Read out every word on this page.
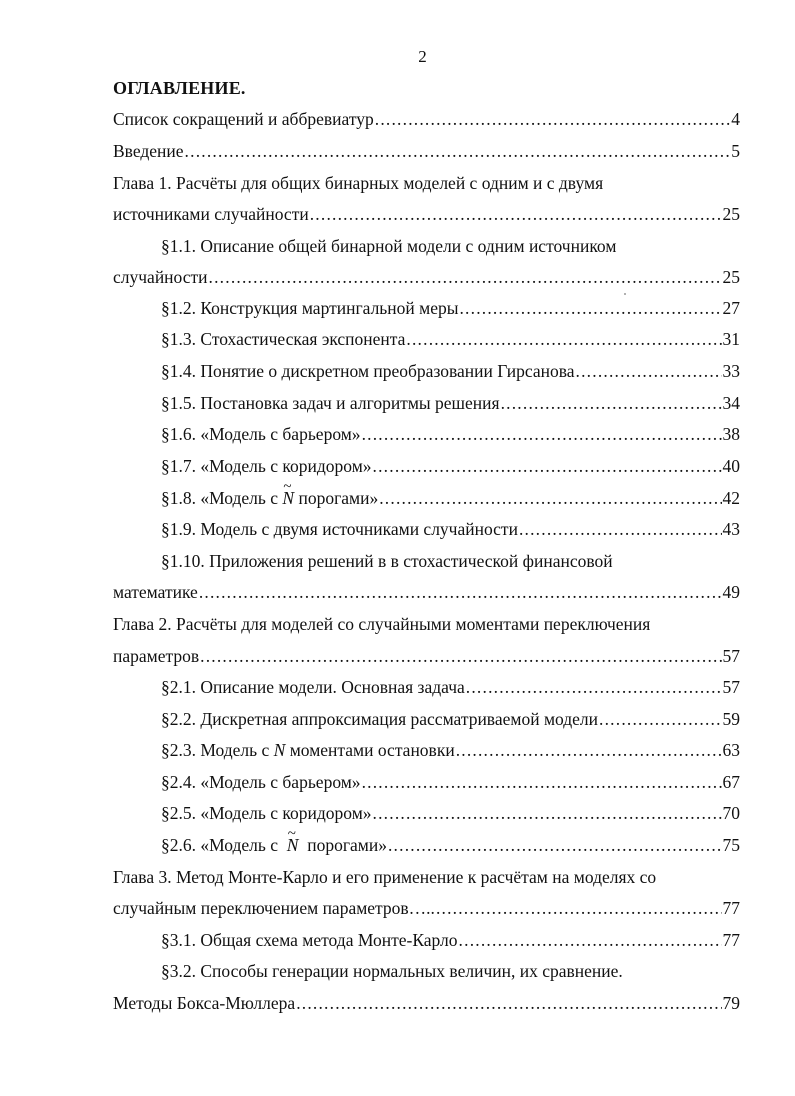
2
ОГЛАВЛЕНИЕ.
Список сокращений и аббревиатур .....	4
Введение .....	5
Глава 1. Расчёты для общих бинарных моделей с одним и с двумя
источниками случайности .....	25
§1.1. Описание общей бинарной модели с одним источником
случайности .....	25
§1.2. Конструкция мартингальной меры .....	27
§1.3. Стохастическая экспонента .....	31
§1.4. Понятие о дискретном преобразовании Гирсанова .....	33
§1.5. Постановка задач и алгоритмы решения .....	34
§1.6. «Модель с барьером» .....	38
§1.7. «Модель с коридором» .....	40
§1.8. «Модель с ~ N порогами» .....	42
§1.9. Модель с двумя источниками случайности .....	43
§1.10. Приложения решений в в стохастической финансовой
математике .....	49
Глава 2. Расчёты для моделей со случайными моментами переключения
параметров .....	57
§2.1. Описание модели. Основная задача .....	57
§2.2. Дискретная аппроксимация рассматриваемой модели .....	59
§2.3. Модель с N моментами остановки .....	63
§2.4. «Модель с барьером» .....	67
§2.5. «Модель с коридором» .....	70
§2.6. «Модель с ~ N порогами» .....	75
Глава 3. Метод Монте-Карло и его применение к расчётам на моделях со
случайным переключением параметров….. .....	77
§3.1. Общая схема метода Монте-Карло .....	77
§3.2. Способы генерации нормальных величин, их сравнение.
Методы Бокса-Мюллера .....	79
